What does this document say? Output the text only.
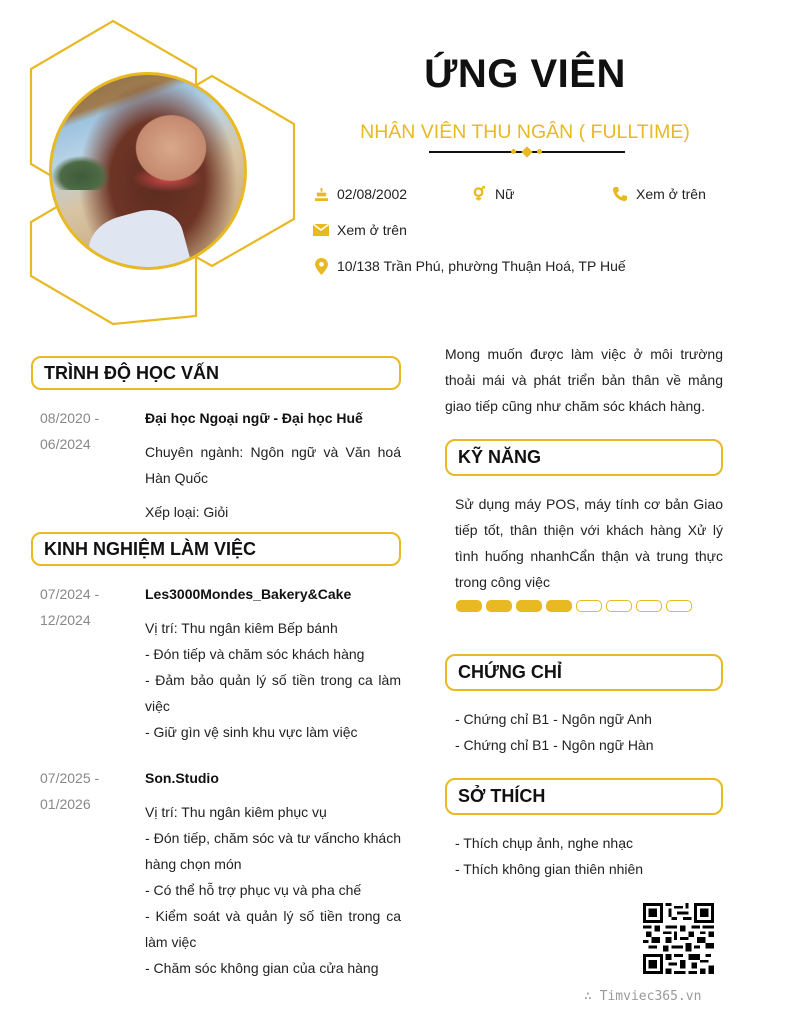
ỨNG VIÊN
NHÂN VIÊN THU NGÂN ( FULLTIME)
02/08/2002	Nữ	Xem ở trên
Xem ở trên
10/138 Trần Phú, phường Thuận Hoá, TP Huế
TRÌNH ĐỘ HỌC VẤN
08/2020 -
06/2024
Đại học Ngoại ngữ - Đại học Huế

Chuyên ngành: Ngôn ngữ và Văn hoá Hàn Quốc

Xếp loại: Giỏi

KINH NGHIỆM LÀM VIỆC
07/2024 -
12/2024
Les3000Mondes_Bakery&Cake

Vị trí: Thu ngân kiêm Bếp bánh

- Đón tiếp và chăm sóc khách hàng

- Đảm bảo quản lý số tiền trong ca làm việc

- Giữ gìn vệ sinh khu vực làm việc

07/2025 -
01/2026
Son.Studio

Vị trí: Thu ngân kiêm phục vụ

- Đón tiếp, chăm sóc và tư vấncho khách hàng chọn món

- Có thể hỗ trợ phục vụ và pha chế

- Kiểm soát và quản lý số tiền trong ca làm việc

- Chăm sóc không gian của cửa hàng

Mong muốn được làm việc ở môi trường thoải mái và phát triển bản thân về mảng giao tiếp cũng như chăm sóc khách hàng.
KỸ NĂNG
Sử dụng máy POS, máy tính cơ bản Giao tiếp tốt, thân thiện với khách hàng Xử lý tình huống nhanhCẩn thận và trung thực trong công việc
CHỨNG CHỈ

- Chứng chỉ B1 - Ngôn ngữ Anh

- Chứng chỉ B1 - Ngôn ngữ Hàn

SỞ THÍCH

- Thích chụp ảnh, nghe nhạc

- Thích không gian thiên nhiên

∴ Timviec365.vn
